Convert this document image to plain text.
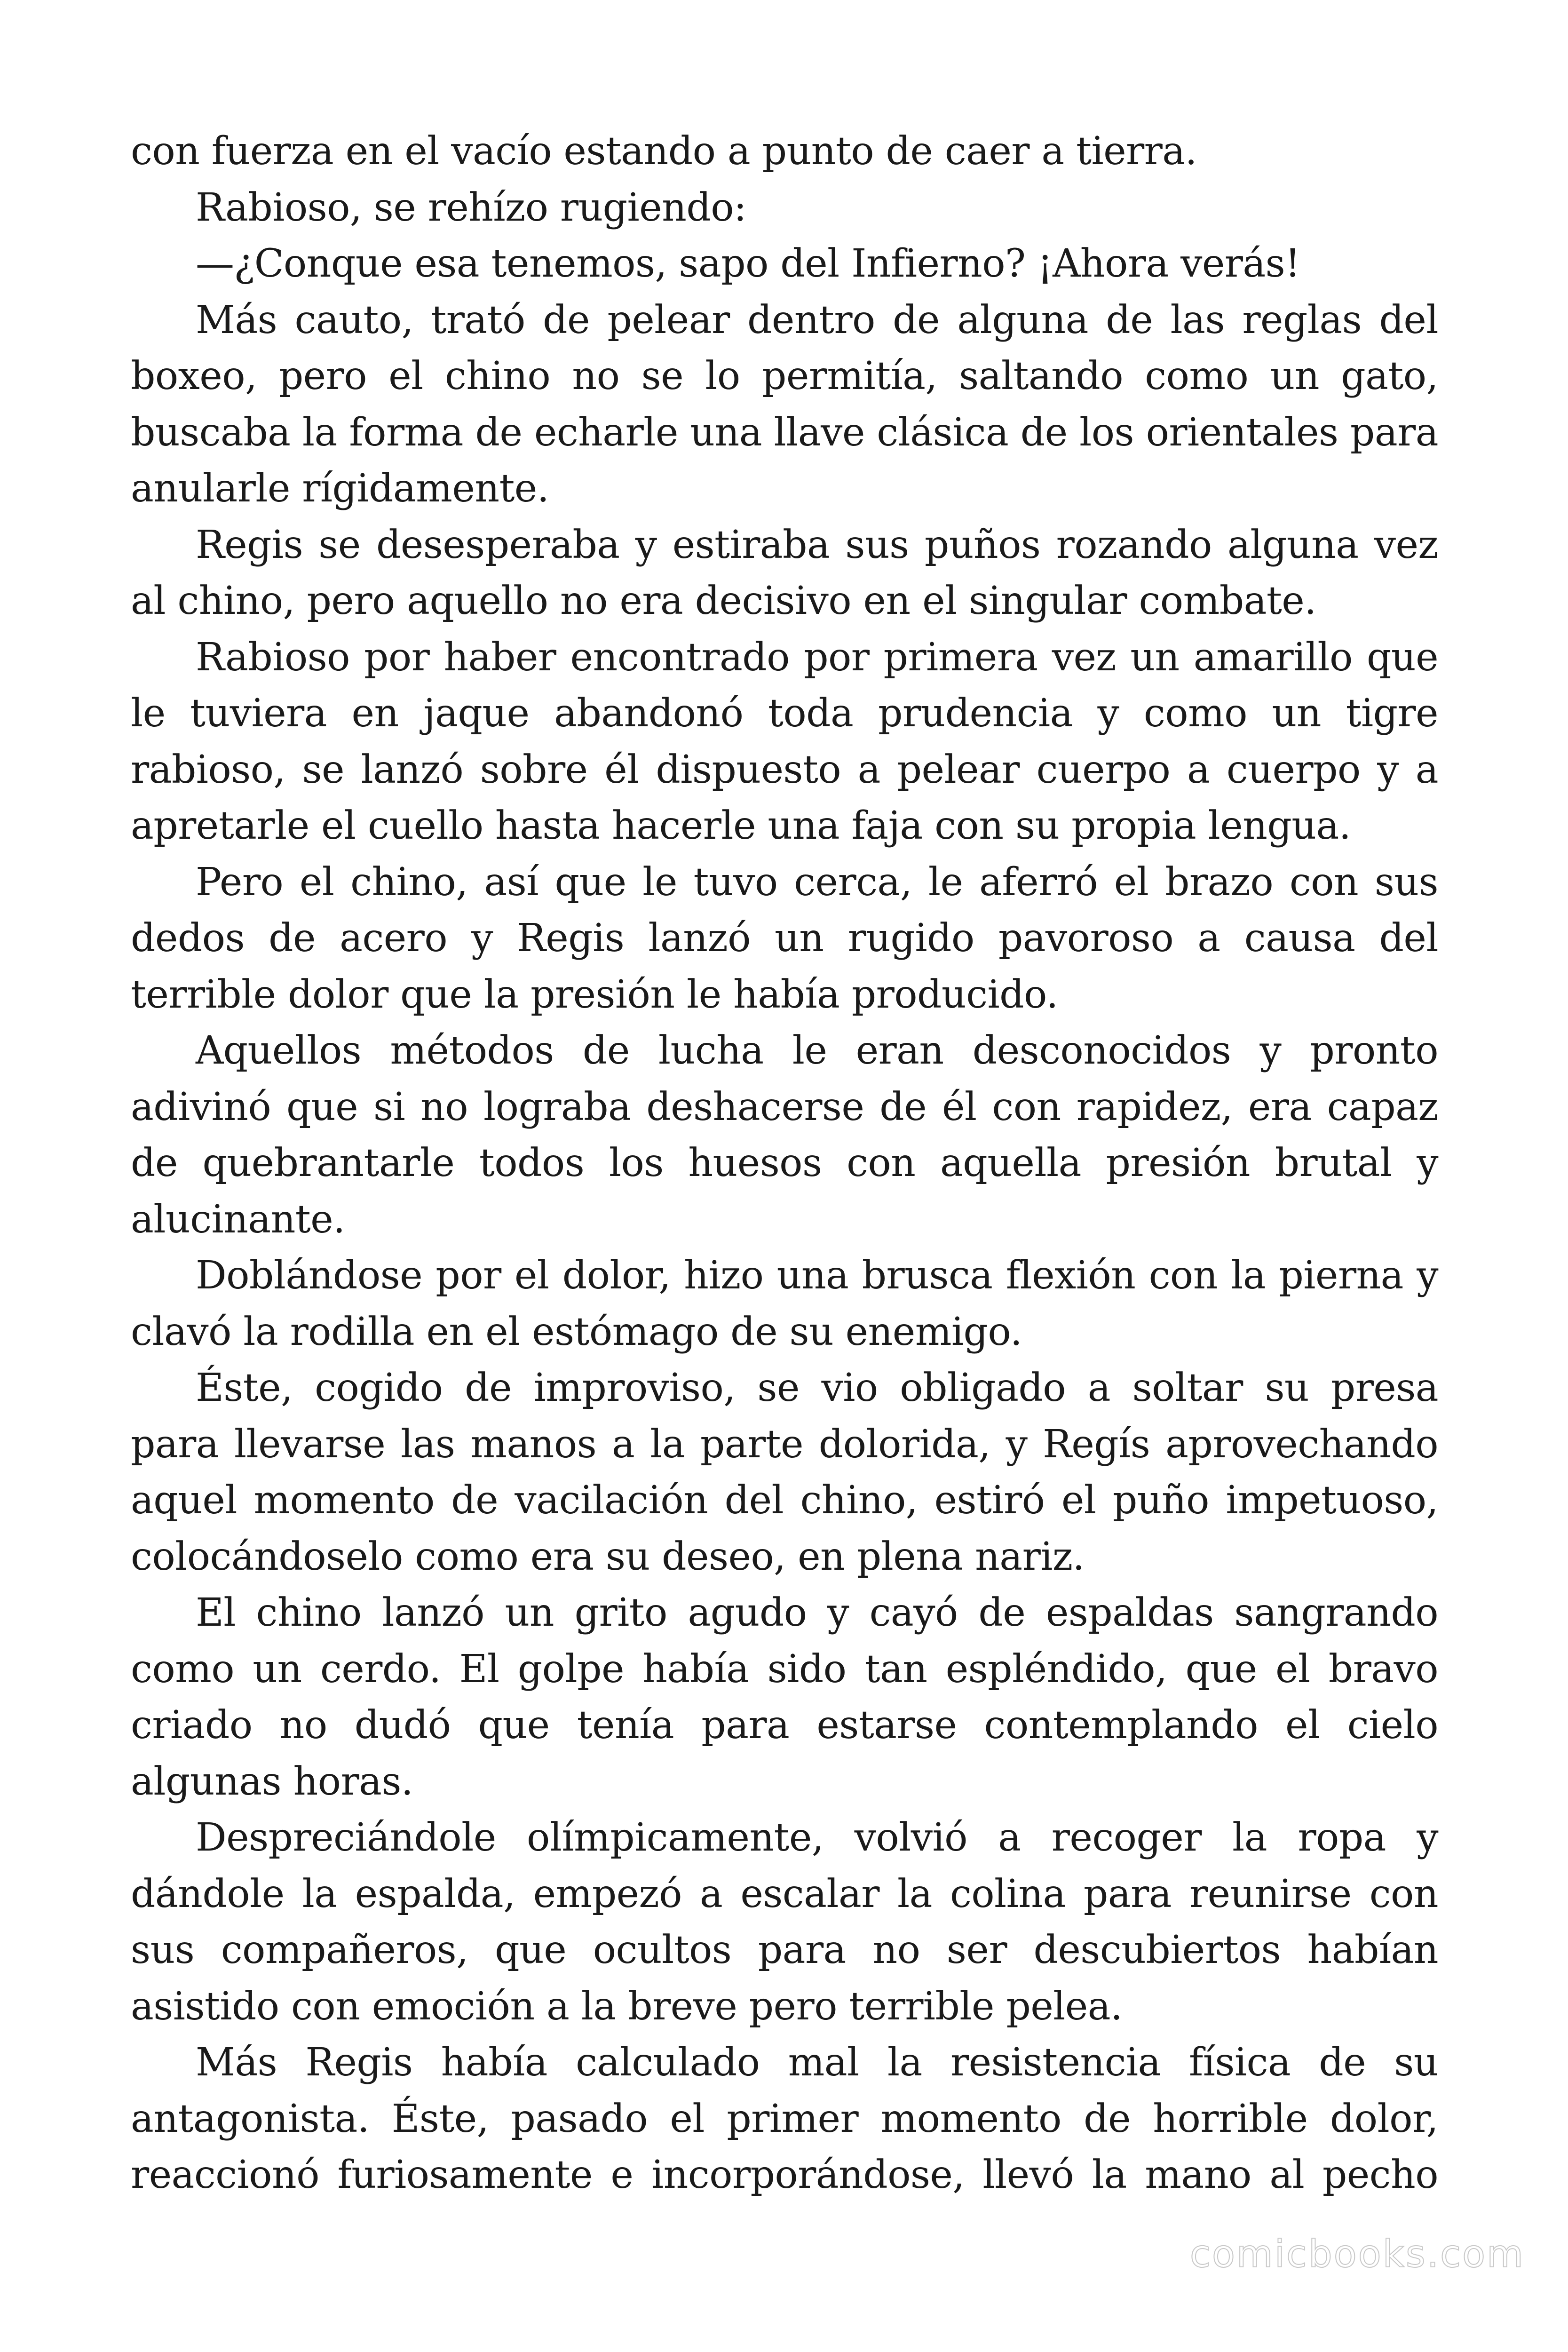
con fuerza en el vacío estando a punto de caer a tierra.

Rabioso, se rehízo rugiendo:

—¿Conque esa tenemos, sapo del Infierno? ¡Ahora verás!

Más cauto, trató de pelear dentro de alguna de las reglas del boxeo, pero el chino no se lo permitía, saltando como un gato, buscaba la forma de echarle una llave clásica de los orientales para anularle rígidamente.

Regis se desesperaba y estiraba sus puños rozando alguna vez al chino, pero aquello no era decisivo en el singular combate.

Rabioso por haber encontrado por primera vez un amarillo que le tuviera en jaque abandonó toda prudencia y como un tigre rabioso, se lanzó sobre él dispuesto a pelear cuerpo a cuerpo y a apretarle el cuello hasta hacerle una faja con su propia lengua.

Pero el chino, así que le tuvo cerca, le aferró el brazo con sus dedos de acero y Regis lanzó un rugido pavoroso a causa del terrible dolor que la presión le había producido.

Aquellos métodos de lucha le eran desconocidos y pronto adivinó que si no lograba deshacerse de él con rapidez, era capaz de quebrantarle todos los huesos con aquella presión brutal y alucinante.

Doblándose por el dolor, hizo una brusca flexión con la pierna y clavó la rodilla en el estómago de su enemigo.

Éste, cogido de improviso, se vio obligado a soltar su presa para llevarse las manos a la parte dolorida, y Regís aprovechando aquel momento de vacilación del chino, estiró el puño impetuoso, colocándoselo como era su deseo, en plena nariz.

El chino lanzó un grito agudo y cayó de espaldas sangrando como un cerdo. El golpe había sido tan espléndido, que el bravo criado no dudó que tenía para estarse contemplando el cielo algunas horas.

Despreciándole olímpicamente, volvió a recoger la ropa y dándole la espalda, empezó a escalar la colina para reunirse con sus compañeros, que ocultos para no ser descubiertos habían asistido con emoción a la breve pero terrible pelea.

Más Regis había calculado mal la resistencia física de su antagonista. Éste, pasado el primer momento de horrible dolor, reaccionó furiosamente e incorporándose, llevó la mano al pecho

comicbooks.com
